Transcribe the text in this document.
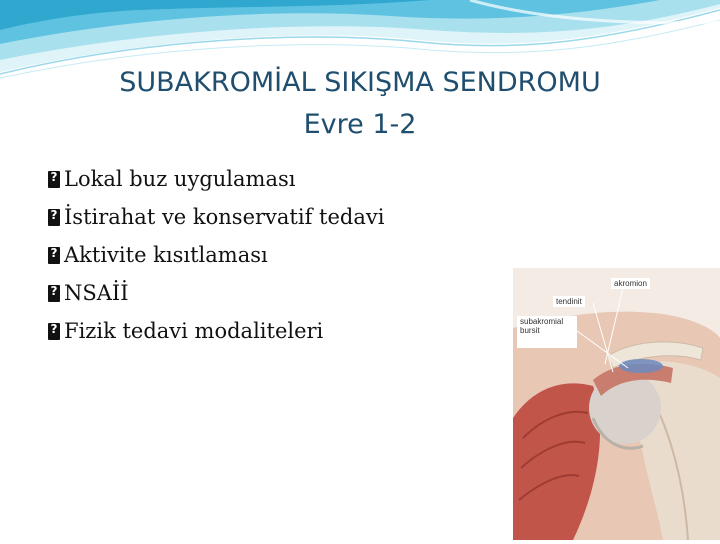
SUBAKROMİAL SIKIŞMA SENDROMU
Evre 1-2
?
Lokal buz uygulaması
?
İstirahat ve konservatif tedavi
?
Aktivite kısıtlaması
?
NSAİİ
?
Fizik tedavi modaliteleri
akromion
tendinit
subakromial
bursit
